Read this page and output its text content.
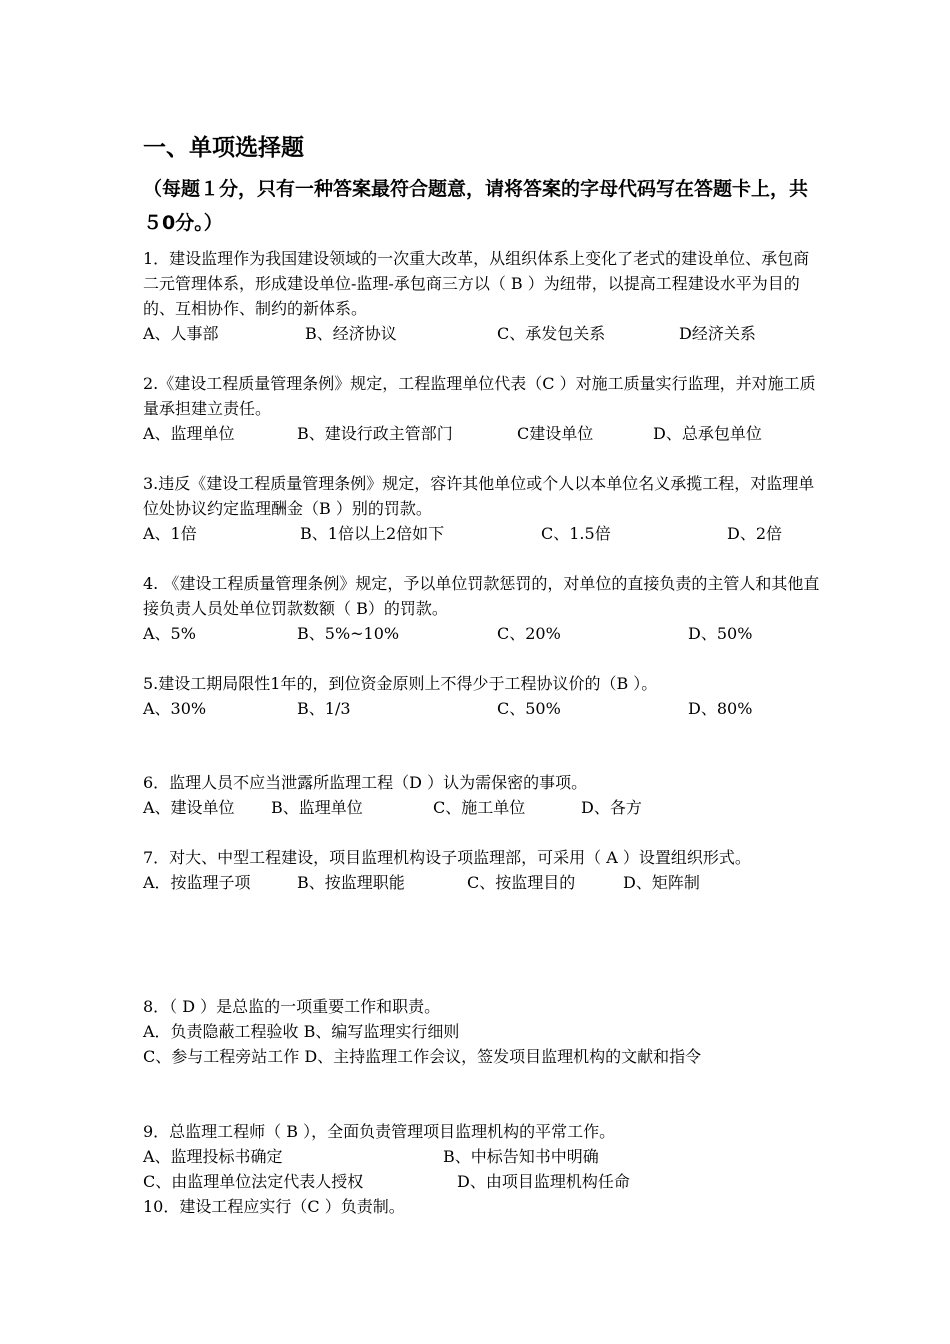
一、单项选择题
（每题１分，只有一种答案最符合题意，请将答案的字母代码写在答题卡上，共５0分。）

1．建设监理作为我国建设领域的一次重大改革，从组织体系上变化了老式的建设单位、承包商二元管理体系，形成建设单位-监理-承包商三方以（ B ）为纽带，以提高工程建设水平为目的的、互相协作、制约的新体系。

A、人事部	B、经济协议	C、承发包关系	D经济关系

2.《建设工程质量管理条例》规定，工程监理单位代表（C ）对施工质量实行监理，并对施工质量承担建立责任。

A、监理单位	B、建设行政主管部门	C建设单位	D、总承包单位

3.违反《建设工程质量管理条例》规定，容许其他单位或个人以本单位名义承揽工程，对监理单位处协议约定监理酬金（B ）别的罚款。

A、1倍	B、1倍以上2倍如下	C、1.5倍	D、2倍

4. 《建设工程质量管理条例》规定，予以单位罚款惩罚的，对单位的直接负责的主管人和其他直接负责人员处单位罚款数额（ B）的罚款。

A、5%	B、5%~10%	C、20%	D、50%

5.建设工期局限性1年的，到位资金原则上不得少于工程协议价的（B ）。

A、30%	B、1/3	C、50%	D、80%

6．监理人员不应当泄露所监理工程（D ）认为需保密的事项。

A、建设单位 B、监理单位	C、施工单位	D、各方

7．对大、中型工程建设，项目监理机构设子项监理部，可采用（ A ）设置组织形式。

A．按监理子项	B、按监理职能	C、按监理目的	D、矩阵制

8．（ D ）是总监的一项重要工作和职责。

A．负责隐蔽工程验收 B、编写监理实行细则

C、参与工程旁站工作 D、主持监理工作会议，签发项目监理机构的文献和指令

9．总监理工程师（ B ），全面负责管理项目监理机构的平常工作。

A、监理投标书确定	B、中标告知书中明确
C、由监理单位法定代表人授权	D、由项目监理机构任命

10．建设工程应实行（C ）负责制。
